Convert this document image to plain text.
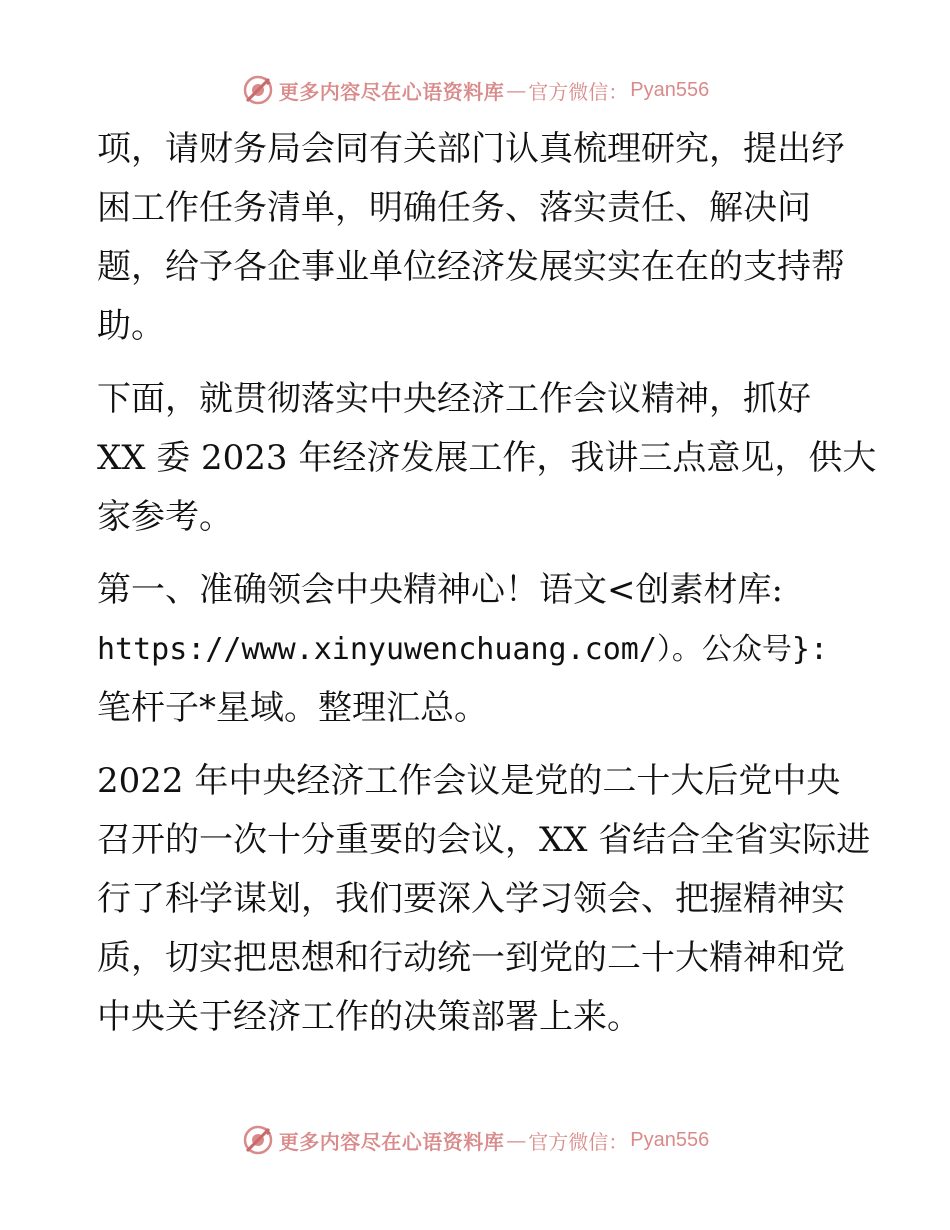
更多内容尽在心语资料库 — 官方微信： Pyan556
项，请财务局会同有关部门认真梳理研究，提出纾
困工作任务清单，明确任务、落实责任、解决问
题，给予各企事业单位经济发展实实在在的支持帮
助。
下面，就贯彻落实中央经济工作会议精神，抓好
XX 委 2023 年经济发展工作，我讲三点意见，供大
家参考。
第一、准确领会中央精神心！语文<创素材库:
https://www.xinyuwenchuang.com/）。公众号}:
笔杆子*星域。整理汇总。
2022 年中央经济工作会议是党的二十大后党中央
召开的一次十分重要的会议，XX 省结合全省实际进
行了科学谋划，我们要深入学习领会、把握精神实
质，切实把思想和行动统一到党的二十大精神和党
中央关于经济工作的决策部署上来。
更多内容尽在心语资料库 — 官方微信： Pyan556
